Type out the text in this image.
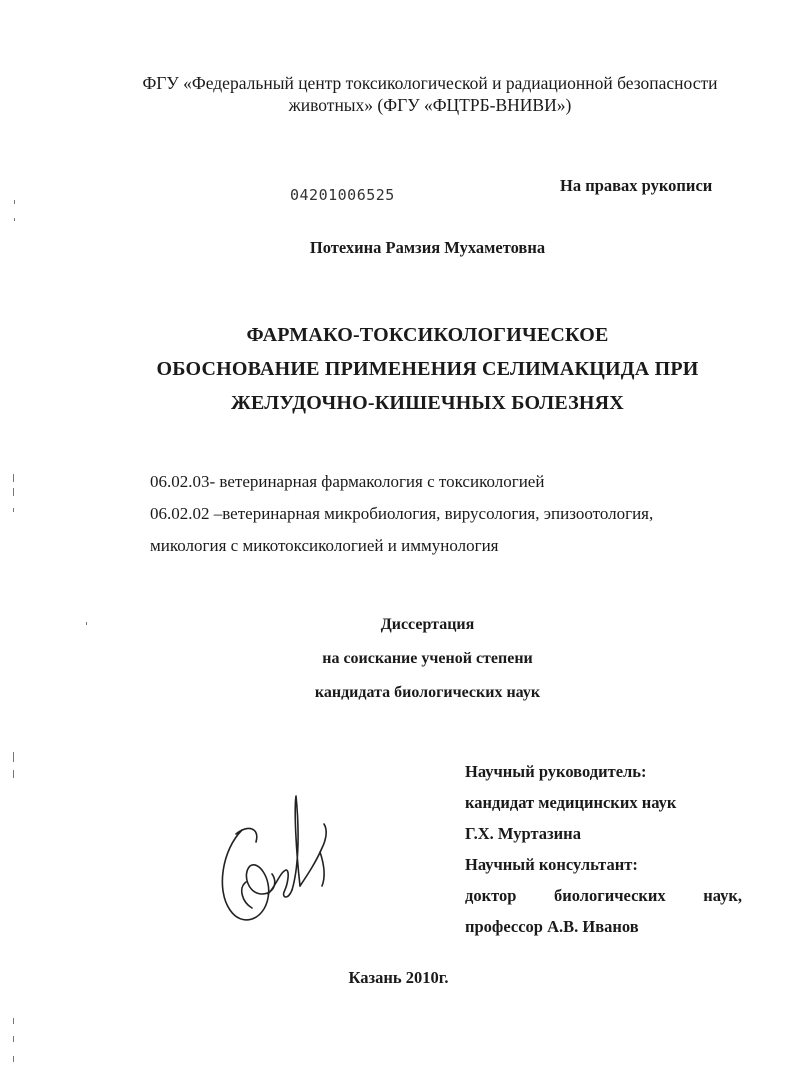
ФГУ «Федеральный центр токсикологической и радиационной безопасности
животных» (ФГУ «ФЦТРБ-ВНИВИ»)
04201006525	На правах рукописи
Потехина Рамзия Мухаметовна
ФАРМАКО-ТОКСИКОЛОГИЧЕСКОЕ
ОБОСНОВАНИЕ ПРИМЕНЕНИЯ СЕЛИМАКЦИДА ПРИ
ЖЕЛУДОЧНО-КИШЕЧНЫХ БОЛЕЗНЯХ
06.02.03- ветеринарная фармакология с токсикологией
06.02.02 –ветеринарная микробиология, вирусология, эпизоотология,
микология с микотоксикологией и иммунология
Диссертация
на соискание ученой степени
кандидата биологических наук
Научный руководитель:
кандидат медицинских наук
Г.Х. Муртазина
Научный консультант:
доктор биологических наук,
профессор А.В. Иванов
Казань 2010г.
